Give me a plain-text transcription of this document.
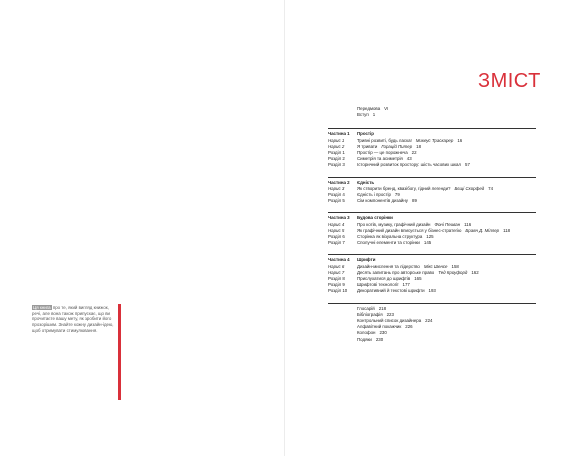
Ця книга про те, який вигляд книжок, речі, але вона також припускає, що ви прочитаєте вашу мету, як зробити його прозорішим. Знайте кожну дизайн-ідею, щоб отримувати стимулювання.
ЗМІСТ
Передмова VI
Вступ 1
Частина 1	Простір
Нарис 1	Тривні розвиті, будь ласка! Микеус Траскарер 16
Нарис 2	Я тривати Горацій Питер 18
Розділ 1	Простір — це порожнеча 22
Розділ 2	Симетрія та асиметрія 43
Розділ 3	Історичний розвиток простору: шість часових шкал 57
Частина 2	Єдність
Нарис 3	Як створити бренд, квазібогу, гідний легенди? Бєщі Скорфед 74
Розділ 4	Єдність і простір 79
Розділ 5	Сім компонентів дизайну 89
Частина 3	Будова сторінки
Нарис 4	Про котів, музику, графічний дизайн Фоні Пеиван 116
Нарис 5	Як графічний дизайн вписується у бізнес-стратегію Браян Д. Міллер 118
Розділ 6	Сторінка як візуальна структура 125
Розділ 7	Сполучні елементи та сторінки 145
Частина 4	Шрифти
Нарис 6	Дизайн-мислення та лідерство Мікс Шенсе 158
Нарис 7	Десять запитань про авторське право Тед Кроуфорд 162
Розділ 8	Прислухатися до шрифтів 165
Розділ 9	Шрифтові технології 177
Розділ 10	Декоративний й текстові шрифти 193
Глосарій 218
Бібліографія 223
Контрольний список дизайнера 224
Алфавітний покажчик 226
Колофон 230
Подяки 230
